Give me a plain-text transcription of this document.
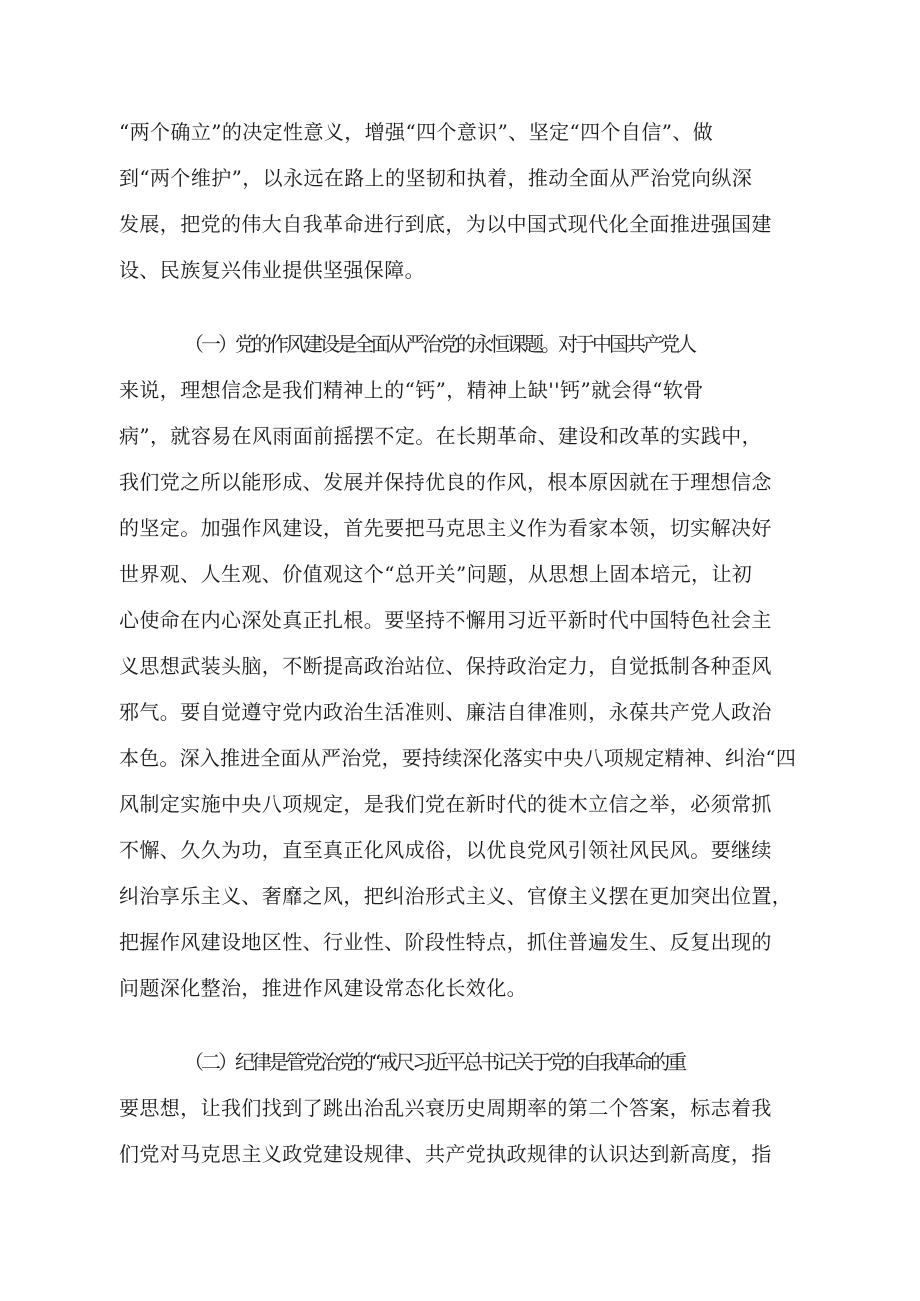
“两个确立”的决定性意义，增强“四个意识”、坚定“四个自信”、做

到“两个维护”，以永远在路上的坚韧和执着，推动全面从严治党向纵深

发展，把党的伟大自我革命进行到底，为以中国式现代化全面推进强国建

设、民族复兴伟业提供坚强保障。

（一）党的作风建设是全面从严治党的永恒课题。对于中国共产党人

来说，理想信念是我们精神上的“钙”，精神上缺''钙”就会得“软骨

病”，就容易在风雨面前摇摆不定。在长期革命、建设和改革的实践中，

我们党之所以能形成、发展并保持优良的作风，根本原因就在于理想信念

的坚定。加强作风建设，首先要把马克思主义作为看家本领，切实解决好

世界观、人生观、价值观这个“总开关”问题，从思想上固本培元，让初

心使命在内心深处真正扎根。要坚持不懈用习近平新时代中国特色社会主

义思想武装头脑，不断提高政治站位、保持政治定力，自觉抵制各种歪风

邪气。要自觉遵守党内政治生活准则、廉洁自律准则，永葆共产党人政治

本色。深入推进全面从严治党，要持续深化落实中央八项规定精神、纠治“四

风制定实施中央八项规定，是我们党在新时代的徙木立信之举，必须常抓

不懈、久久为功，直至真正化风成俗，以优良党风引领社风民风。要继续

纠治享乐主义、奢靡之风，把纠治形式主义、官僚主义摆在更加突出位置，

把握作风建设地区性、行业性、阶段性特点，抓住普遍发生、反复出现的

问题深化整治，推进作风建设常态化长效化。

（二）纪律是管党治党的“戒尺习近平总书记关于党的自我革命的重

要思想，让我们找到了跳出治乱兴衰历史周期率的第二个答案，标志着我

们党对马克思主义政党建设规律、共产党执政规律的认识达到新高度，指
